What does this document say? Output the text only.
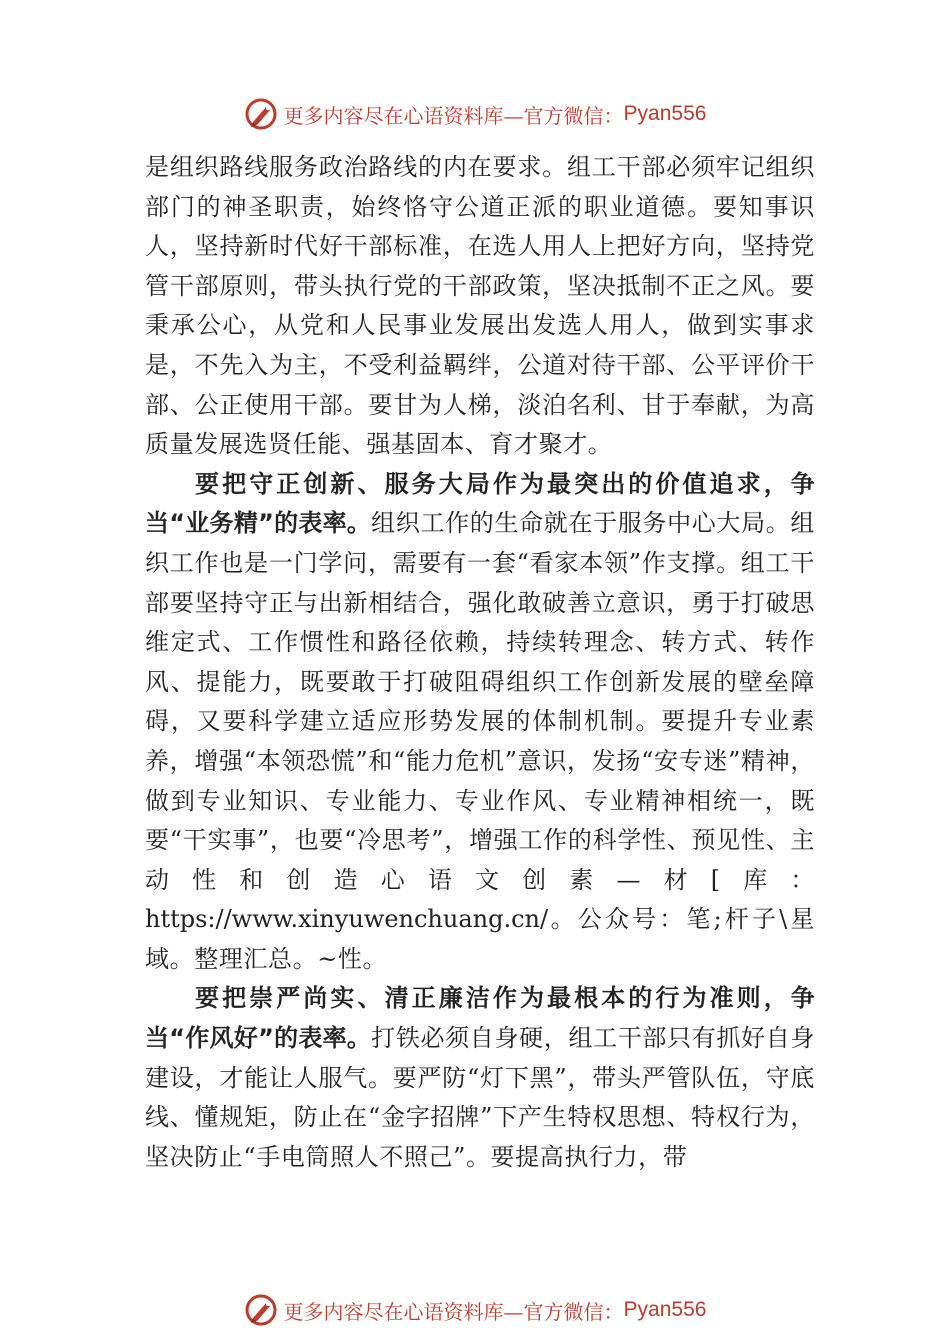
更多内容尽在心语资料库—官方微信： Pyan556

是组织路线服务政治路线的内在要求。组工干部必须牢记组织部门的神圣职责，始终恪守公道正派的职业道德。要知事识人，坚持新时代好干部标准，在选人用人上把好方向，坚持党管干部原则，带头执行党的干部政策，坚决抵制不正之风。要秉承公心，从党和人民事业发展出发选人用人，做到实事求是，不先入为主，不受利益羁绊，公道对待干部、公平评价干部、公正使用干部。要甘为人梯，淡泊名利、甘于奉献，为高质量发展选贤任能、强基固本、育才聚才。

要把守正创新、服务大局作为最突出的价值追求，争当“业务精”的表率。组织工作的生命就在于服务中心大局。组织工作也是一门学问，需要有一套“看家本领”作支撑。组工干部要坚持守正与出新相结合，强化敢破善立意识，勇于打破思维定式、工作惯性和路径依赖，持续转理念、转方式、转作风、提能力，既要敢于打破阻碍组织工作创新发展的壁垒障碍，又要科学建立适应形势发展的体制机制。要提升专业素养，增强“本领恐慌”和“能力危机”意识，发扬“安专迷”精神，做到专业知识、专业能力、专业作风、专业精神相统一，既要“干实事”，也要“冷思考”，增强工作的科学性、预见性、主动性和创造心语文创素—材[库：https://www.xinyuwenchuang.cn/。公众号：笔;杆子\星域。整理汇总。~性。

要把崇严尚实、清正廉洁作为最根本的行为准则，争当“作风好”的表率。打铁必须自身硬，组工干部只有抓好自身建设，才能让人服气。要严防“灯下黑”，带头严管队伍，守底线、懂规矩，防止在“金字招牌”下产生特权思想、特权行为，坚决防止“手电筒照人不照己”。要提高执行力，带

更多内容尽在心语资料库—官方微信： Pyan556
